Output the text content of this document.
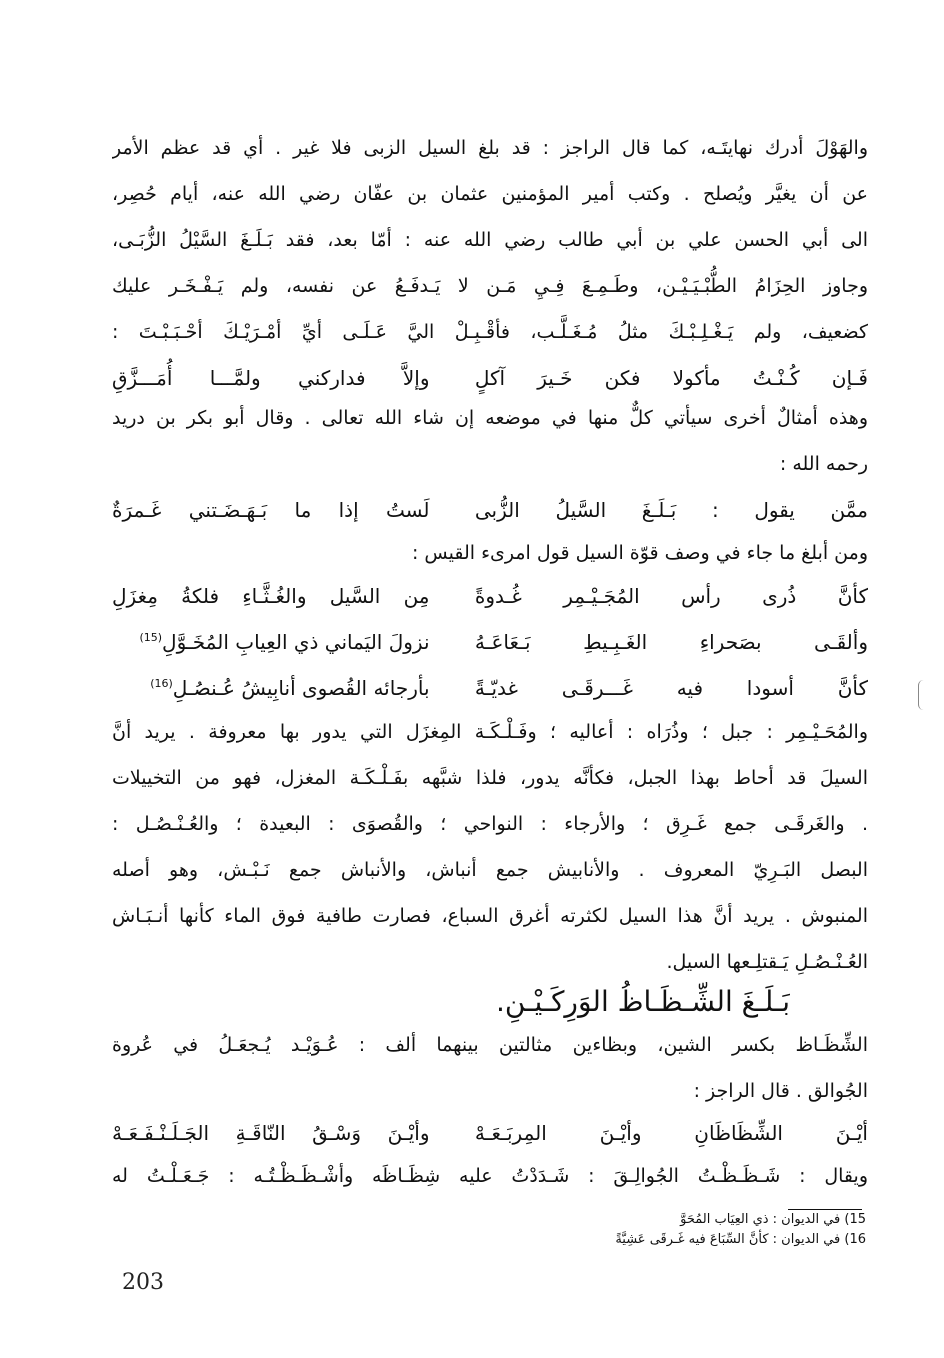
والهَوْلَ أدرك نهايتَـه، كما قال الراجز : قد بلغ السيل الزبى فلا غير . أي قد عظم الأمر
عن أن يغيَّر ويُصلح . وكتب أمير المؤمنين عثمان بن عفّان رضي الله عنه، أيام حُصِر،
الى أبي الحسن علي بن أبي طالب رضي الله عنه : أمّا بعد، فقد بَـلَـغَ السَّيْلُ الزُّبَـى،
وجاوز الحِزَامُ الطُّبْـيَـيْـن، وطَـمِـعَ فِـيِ مَـن لا يَـدفَـعُ عن نفسه، ولم يَـفْـخَـر عليك
كضعيف، ولم يَـغْـلِـبْـكَ مثلُ مُـغَـلَّـب، فأقْـبِـلْ اليَّ عَـلَـى أيِّ أمْـرَيْـكَ أحْـبَـبْـتَ :
فَـإن كُـنْـتُ مأكولا فكن خَـيرَ آكلٍ
وإلاَّ فداركني ولمَّـــا أُمَـــزَّقِ
وهذه أمثالٌ أخرى سيأتي كلٌّ منها في موضعه إن شاء الله تعالى . وقال أبو بكر بن دريد
رحمه الله :
ممَّن يقول : بَـلَـغَ السَّيلُ الزُّبى
لَستُ إذا ما بَـهَـضَـتني غَـمرَةٌ
ومن أبلغ ما جاء في وصف قوّة السيل قول امرىء القيس :
كأنَّ ذُرى رأس المُجَـيْـمِر غُـدوةً
مِن السَّيل والغُـثَّـاءِ فلكةُ مِغزَلِ
وألقَـى بصَحراءِ الغَـبِـيطِ بَـعَاعَـهُ
نزولَ اليَماني ذي العِيابِ المُخَـوَّلِ(15)
كأنَّ أسودا فيه غَـــرقَـى غديّـةً
بأرجائه القُصوى أنابِيشُ عُـنصُـلِ(16)
والمُحَـيْـمِر : جبل ؛ وذُرَاه : أعاليه ؛ وفَـلْـكَـة المِغزَل التي يدور بها معروفة . يريد أنَّ
السيلَ قد أحاط بهذا الجبل، فكأنَّه يدور، فلذا شبَّهه بفَـلْـكَـة المغزل، فهو من التخييلات
. والغَرقَـى جمع غَـرِق ؛ والأرجاء : النواحي ؛ والقُصوَى : البعيدة ؛ والعُـنْـصُـل :
البصل البَـرِيّ المعروف . والأنابيش جمع أنباش، والأنباش جمع نَـبْـش، وهو أصله
المنبوش . يريد أنَّ هذا السيل لكثرته أغرق السباع، فصارت طافية فوق الماء كأنها أنـبَـاش
العُـنْـصُـلِ يَـقتلِـعها السيل.
بَـلَـغَ الشِّـظَـاظُ الوَرِكَـيْـنِ.
الشِّظَـاظ بكسر الشين، وبظاءين مثالتين بينهما ألف : عُـوَيْـد يُـجعَـلُ في عُروة
الجُوالق . قال الراجز :
أيْـنَ الشِّظَاظَانِ وأيْـنَ المِربَـعَـهْ
وأيْـنَ وَسْـقُ النّاقَـةِ الجَـلَـنْـفَـعَـهْ
ويقال : شَـظَـظْـتُ الجُوالِـقَ : شَـدَدْتُ عليه شِظَـاظَه وأشْـظَـظْـتُـه : جَـعَـلْـتُ له
15) في الديوان : ذي العِيَاب المُحَوَّ
16) في الديوان : كأنَّ السِّبَاعَ فيه غَـرقَى عَشِيَّةً
203
